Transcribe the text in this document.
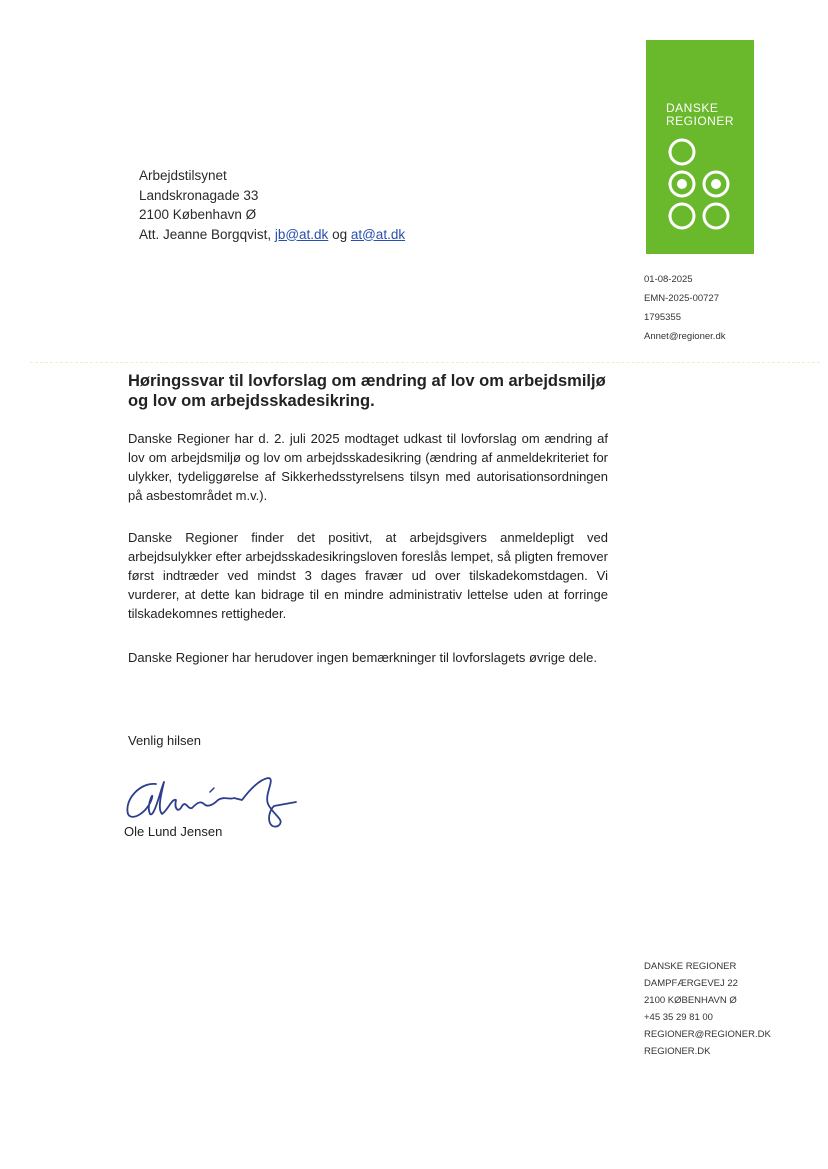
Arbejdstilsynet
Landskronagade 33
2100 København Ø
Att. Jeanne Borgqvist, jb@at.dk og at@at.dk
DANSKE
REGIONER
01-08-2025
EMN-2025-00727
1795355
Annet@regioner.dk
Høringssvar til lovforslag om ændring af lov om arbejdsmiljø og lov om arbejdsskadesikring.
Danske Regioner har d. 2. juli 2025 modtaget udkast til lovforslag om ændring af lov om arbejdsmiljø og lov om arbejdsskadesikring (ændring af anmeldekriteriet for ulykker, tydeliggørelse af Sikkerhedsstyrelsens tilsyn med autorisationsordningen på asbestområdet m.v.).
Danske Regioner finder det positivt, at arbejdsgivers anmeldepligt ved arbejdsulykker efter arbejdsskadesikringsloven foreslås lempet, så pligten fremover først indtræder ved mindst 3 dages fravær ud over tilskadekomstdagen. Vi vurderer, at dette kan bidrage til en mindre administrativ lettelse uden at forringe tilskadekomnes rettigheder.
Danske Regioner har herudover ingen bemærkninger til lovforslagets øvrige dele.
Venlig hilsen
Ole Lund Jensen
DANSKE REGIONER
DAMPFÆRGEVEJ 22
2100 KØBENHAVN Ø
+45 35 29 81 00
REGIONER@REGIONER.DK
REGIONER.DK
